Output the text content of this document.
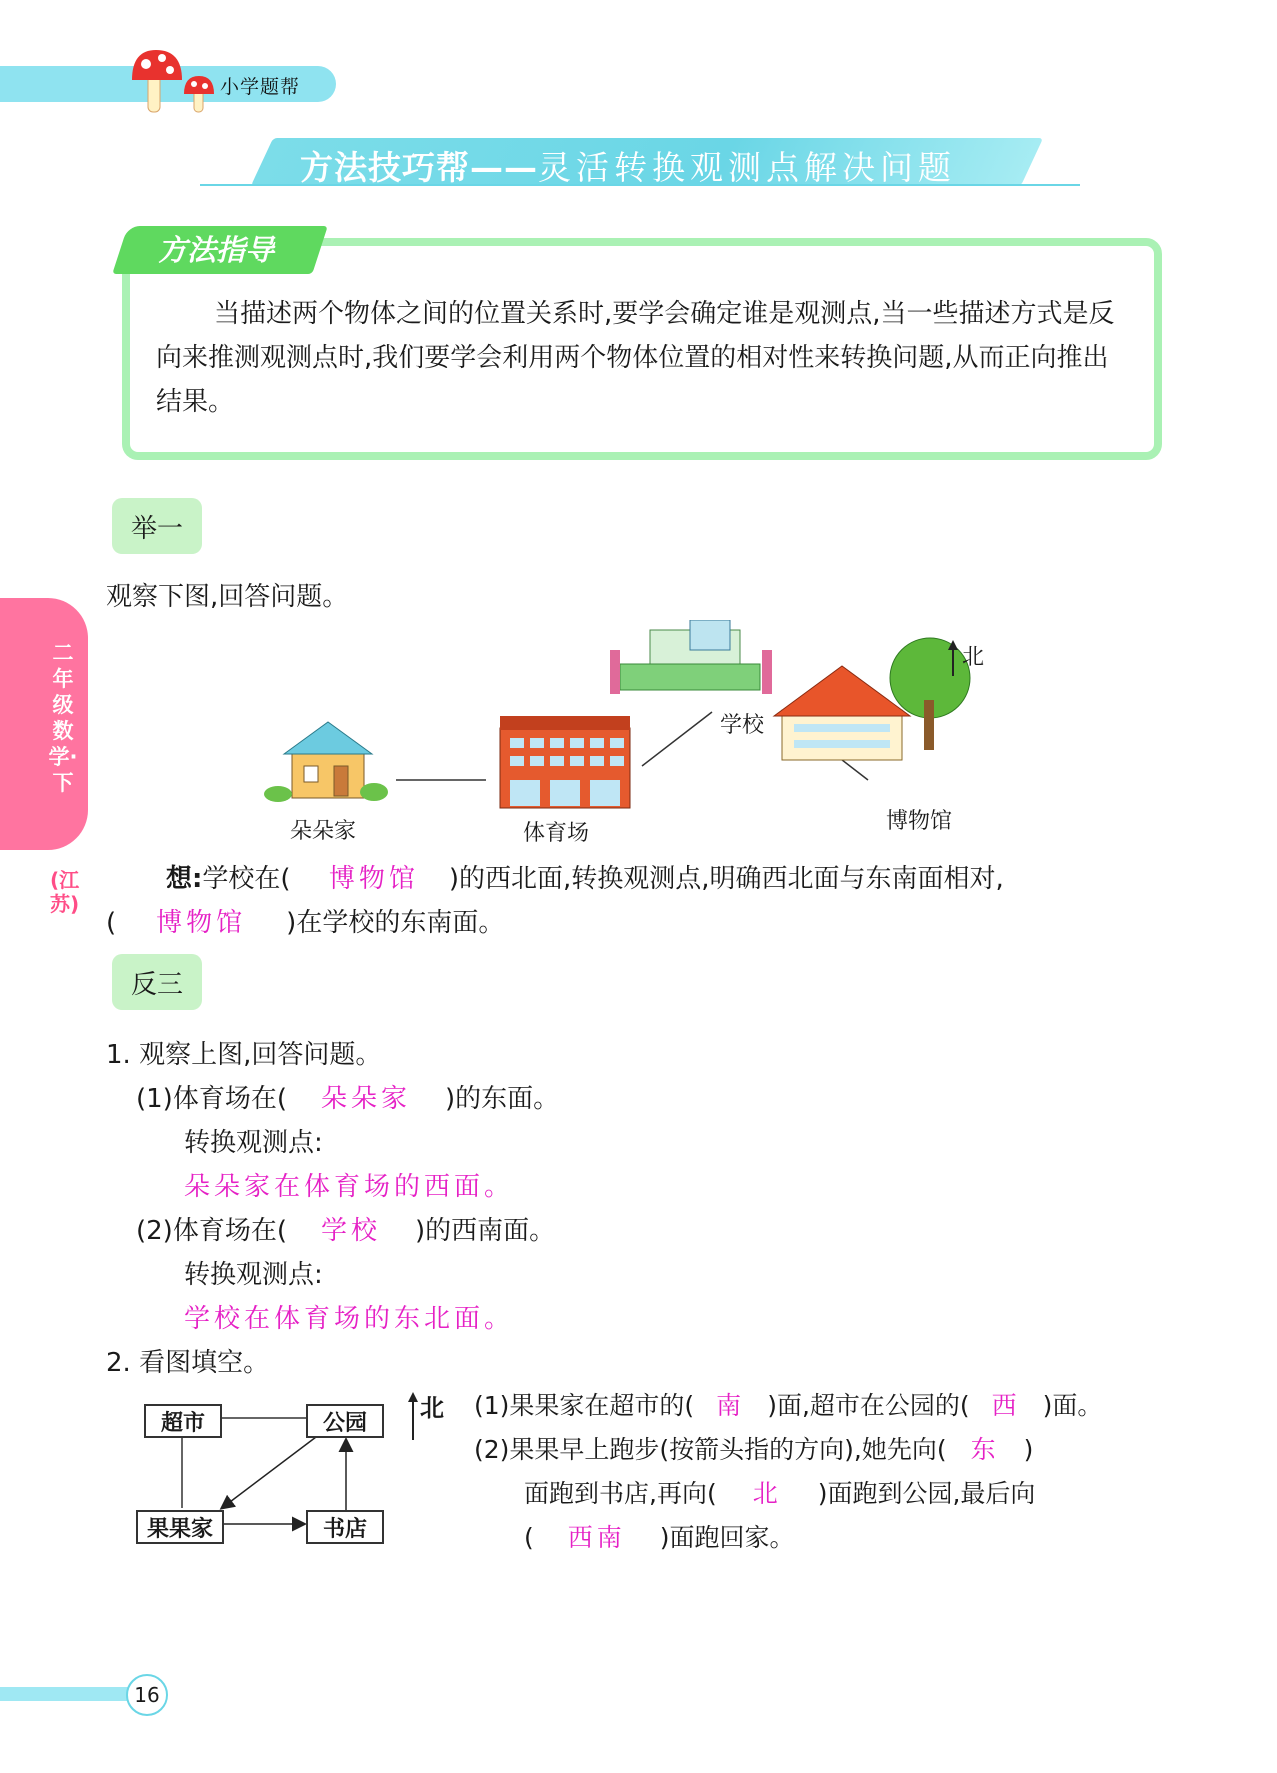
小学题帮
方法技巧帮——灵活转换观测点解决问题
方法指导
当描述两个物体之间的位置关系时,要学会确定谁是观测点,当一些描述方式是反向来推测观测点时,我们要学会利用两个物体位置的相对性来转换问题,从而正向推出结果。
二年级数学·下
(江苏)
举一
观察下图,回答问题。
北
朵朵家	体育场
学校
博物馆
想:学校在( 博物馆 )的西北面,转换观测点,明确西北面与东南面相对,
( 博物馆 )在学校的东南面。
反三
1. 观察上图,回答问题。
(1)体育场在( 朵朵家 )的东面。
转换观测点:
朵朵家在体育场的西面。
(2)体育场在( 学校 )的西南面。
转换观测点:
学校在体育场的东北面。
2. 看图填空。
超市	公园
果果家	书店
北 (1)果果家在超市的( 南 )面,超市在公园的( 西 )面。
(2)果果早上跑步(按箭头指的方向),她先向( 东 )
面跑到书店,再向( 北 )面跑到公园,最后向
( 西南 )面跑回家。
16
